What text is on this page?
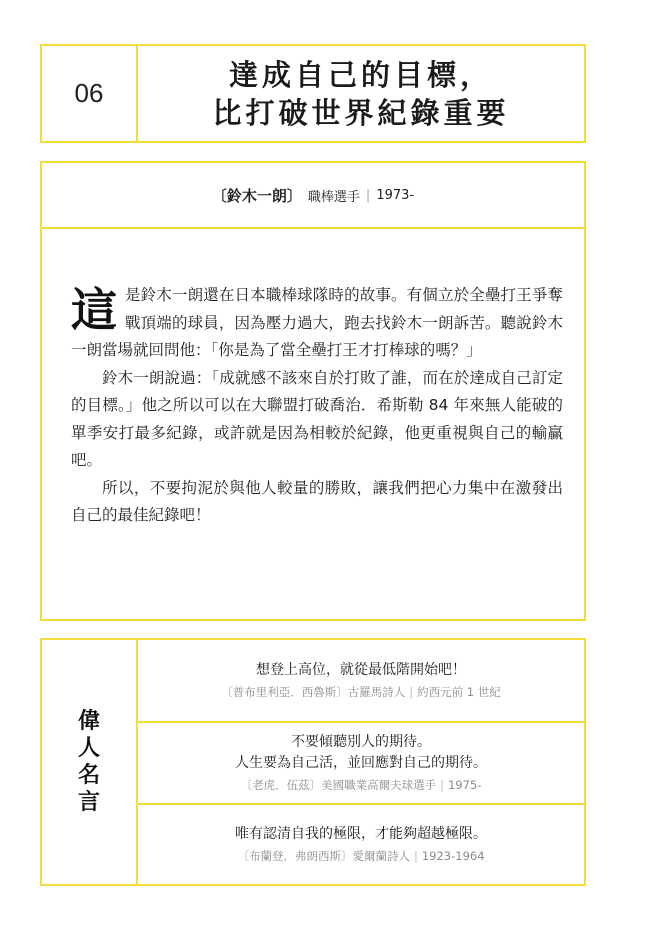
06
達成自己的目標，
比打破世界紀錄重要
〔鈴木一朗〕 職棒選手 | 1973-

這是鈴木一朗還在日本職棒球隊時的故事。有個立於全壘打王爭奪戰頂端的球員，因為壓力過大，跑去找鈴木一朗訴苦。聽說鈴木一朗當場就回問他：「你是為了當全壘打王才打棒球的嗎？」

鈴木一朗說過：「成就感不該來自於打敗了誰，而在於達成自己訂定的目標。」他之所以可以在大聯盟打破喬治．希斯勒 84 年來無人能破的單季安打最多紀錄，或許就是因為相較於紀錄，他更重視與自己的輸贏吧。

所以，不要拘泥於與他人較量的勝敗，讓我們把心力集中在激發出自己的最佳紀錄吧！

偉人名言
想登上高位，就從最低階開始吧！
〔普布里利亞．西魯斯〕古羅馬詩人 | 約西元前 1 世紀
不要傾聽別人的期待。
人生要為自己活，並回應對自己的期待。
〔老虎．伍茲〕美國職業高爾夫球選手 | 1975-
唯有認清自我的極限，才能夠超越極限。
〔布蘭登．弗朗西斯〕愛爾蘭詩人 | 1923-1964
